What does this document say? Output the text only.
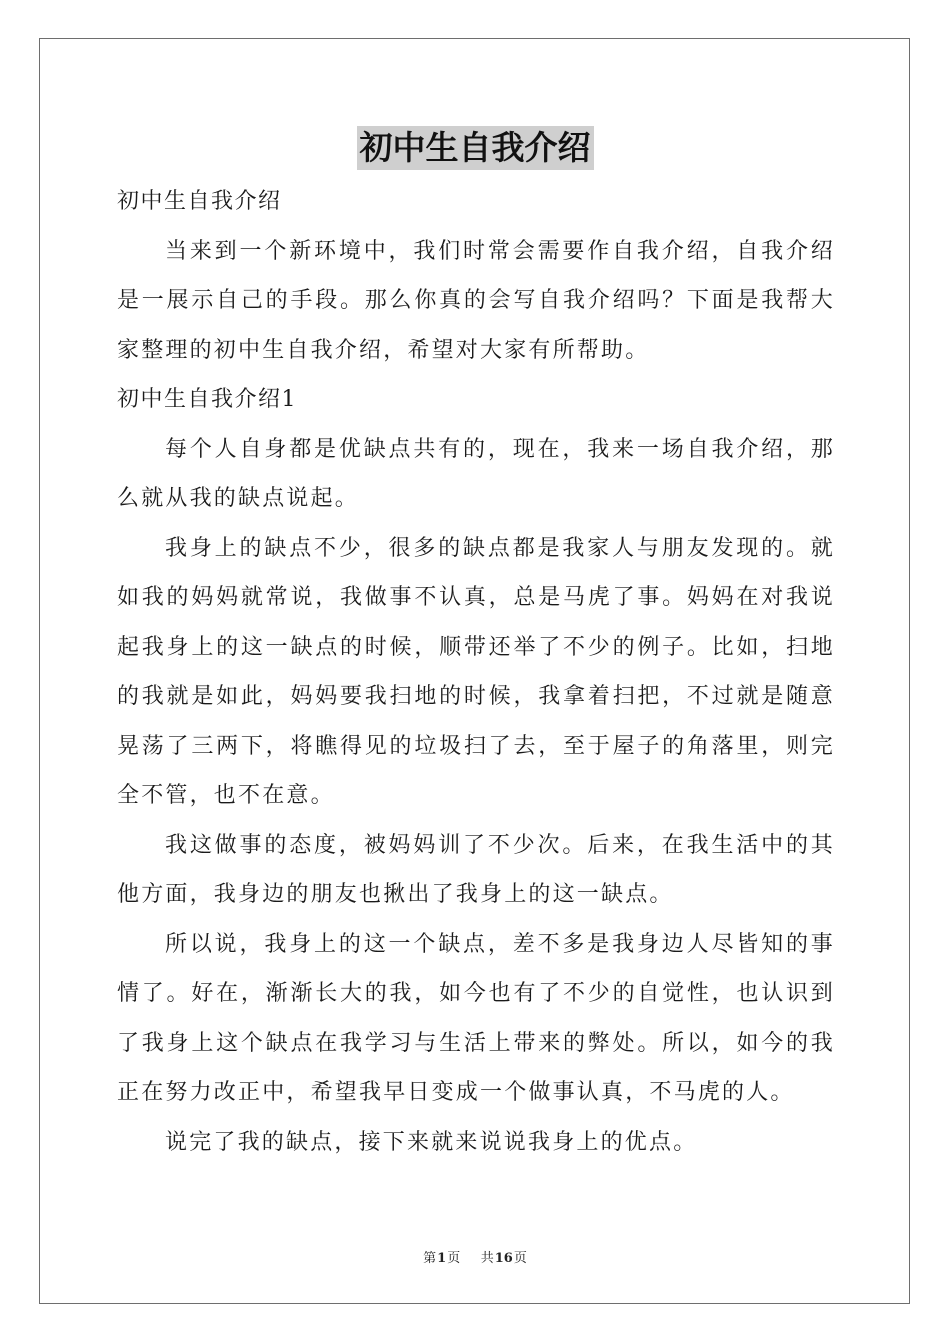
初中生自我介绍

初中生自我介绍

当来到一个新环境中，我们时常会需要作自我介绍，自我介绍是一展示自己的手段。那么你真的会写自我介绍吗？下面是我帮大家整理的初中生自我介绍，希望对大家有所帮助。

初中生自我介绍1

每个人自身都是优缺点共有的，现在，我来一场自我介绍，那么就从我的缺点说起。

我身上的缺点不少，很多的缺点都是我家人与朋友发现的。就如我的妈妈就常说，我做事不认真，总是马虎了事。妈妈在对我说起我身上的这一缺点的时候，顺带还举了不少的例子。比如，扫地的我就是如此，妈妈要我扫地的时候，我拿着扫把，不过就是随意晃荡了三两下，将瞧得见的垃圾扫了去，至于屋子的角落里，则完全不管，也不在意。

我这做事的态度，被妈妈训了不少次。后来，在我生活中的其他方面，我身边的朋友也揪出了我身上的这一缺点。

所以说，我身上的这一个缺点，差不多是我身边人尽皆知的事情了。好在，渐渐长大的我，如今也有了不少的自觉性，也认识到了我身上这个缺点在我学习与生活上带来的弊处。所以，如今的我正在努力改正中，希望我早日变成一个做事认真，不马虎的人。

说完了我的缺点，接下来就来说说我身上的优点。

第1页 共16页
